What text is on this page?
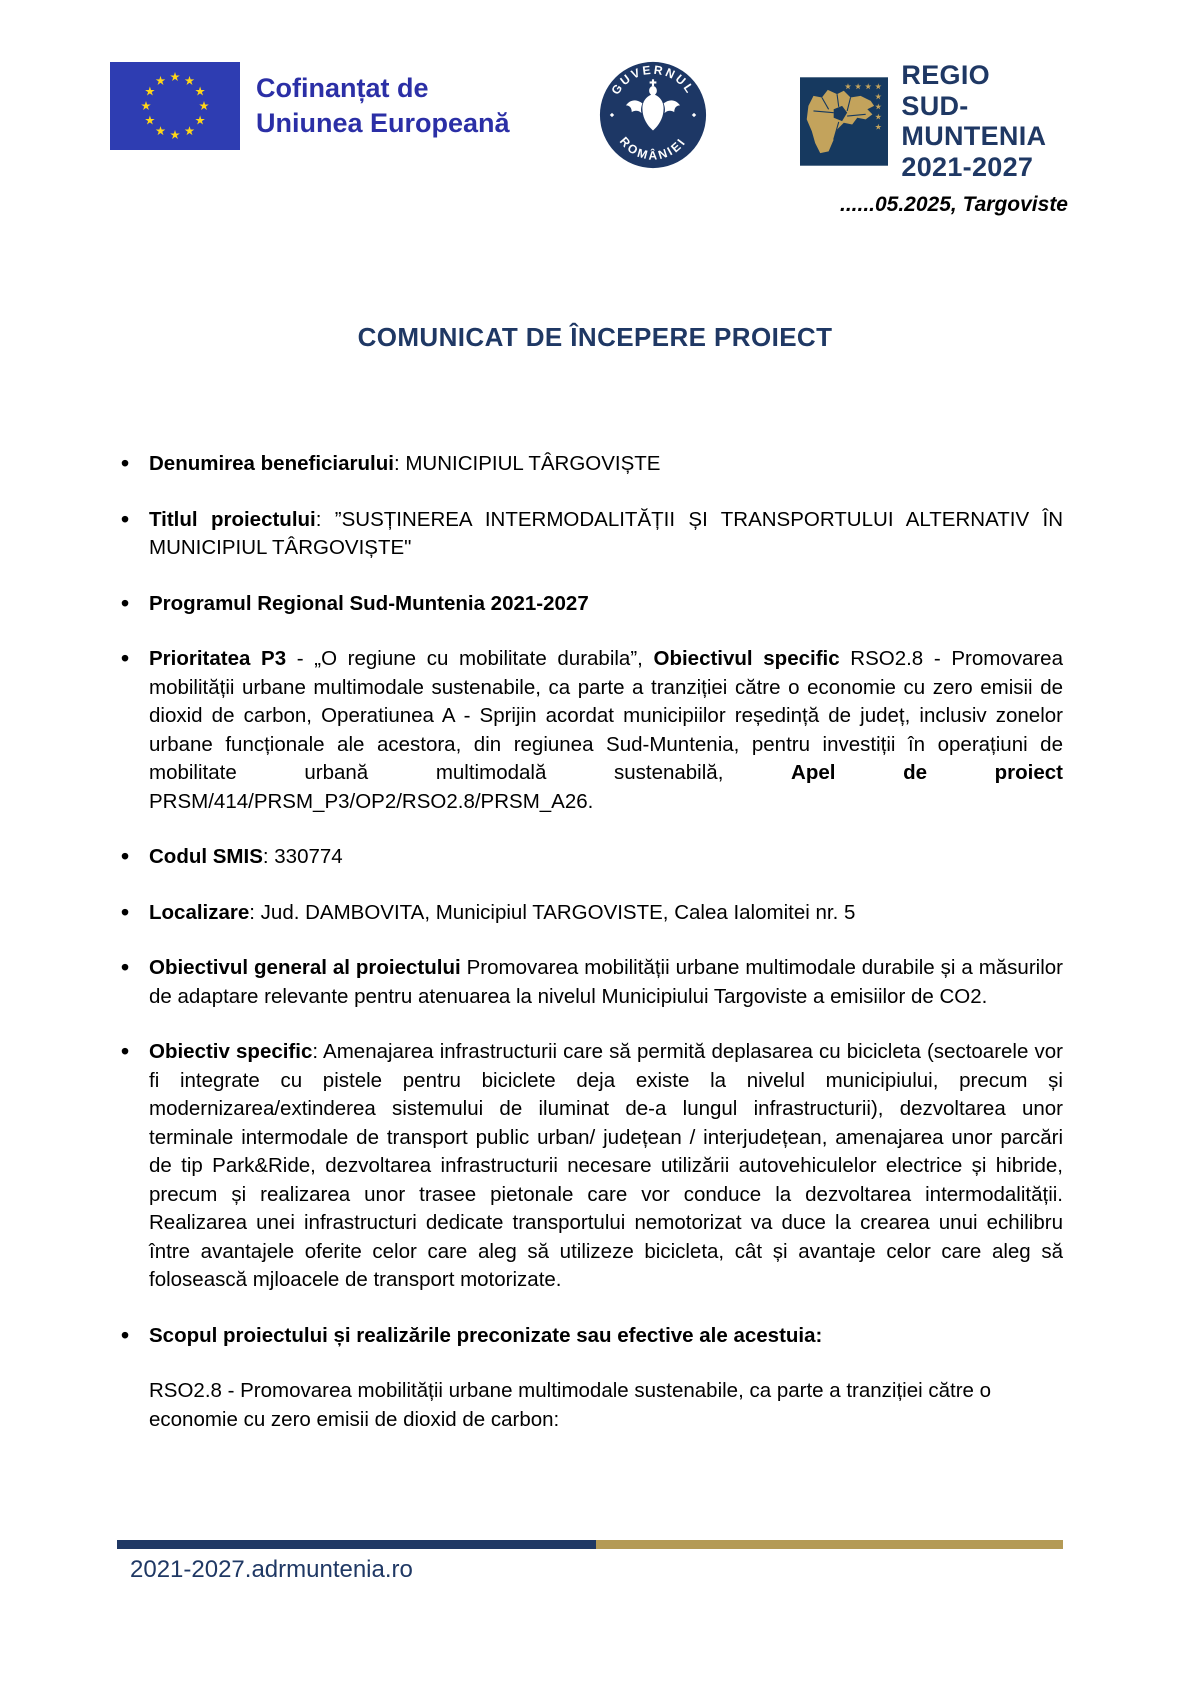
Cofinanțat de
Uniunea Europeană
GUVERNUL
ROMÂNIEI
REGIO
SUD-MUNTENIA
2021-2027
......05.2025, Targoviste
COMUNICAT DE ÎNCEPERE PROIECT
• Denumirea beneficiarului: MUNICIPIUL TÂRGOVIȘTE
• Titlul proiectului: ”SUSȚINEREA INTERMODALITĂȚII ȘI TRANSPORTULUI ALTERNATIV ÎN MUNICIPIUL TÂRGOVIȘTE"
• Programul Regional Sud-Muntenia 2021-2027
• Prioritatea P3 - „O regiune cu mobilitate durabila”, Obiectivul specific RSO2.8 - Promovarea mobilității urbane multimodale sustenabile, ca parte a tranziției către o economie cu zero emisii de dioxid de carbon, Operatiunea A - Sprijin acordat municipiilor reședință de județ, inclusiv zonelor urbane funcționale ale acestora, din regiunea Sud-Muntenia, pentru investiții în operațiuni de mobilitate urbană multimodală sustenabilă, Apel de proiect PRSM/414/PRSM_P3/OP2/RSO2.8/PRSM_A26.
• Codul SMIS: 330774
• Localizare: Jud. DAMBOVITA, Municipiul TARGOVISTE, Calea Ialomitei nr. 5
• Obiectivul general al proiectului Promovarea mobilității urbane multimodale durabile și a măsurilor de adaptare relevante pentru atenuarea la nivelul Municipiului Targoviste a emisiilor de CO2.
• Obiectiv specific: Amenajarea infrastructurii care să permită deplasarea cu bicicleta (sectoarele vor fi integrate cu pistele pentru biciclete deja existe la nivelul municipiului, precum și modernizarea/extinderea sistemului de iluminat de-a lungul infrastructurii), dezvoltarea unor terminale intermodale de transport public urban/ județean / interjudețean, amenajarea unor parcări de tip Park&Ride, dezvoltarea infrastructurii necesare utilizării autovehiculelor electrice și hibride, precum și realizarea unor trasee pietonale care vor conduce la dezvoltarea intermodalității. Realizarea unei infrastructuri dedicate transportului nemotorizat va duce la crearea unui echilibru între avantajele oferite celor care aleg să utilizeze bicicleta, cât și avantaje celor care aleg să folosească mjloacele de transport motorizate.
• Scopul proiectului și realizările preconizate sau efective ale acestuia:

RSO2.8 - Promovarea mobilității urbane multimodale sustenabile, ca parte a tranziției către o economie cu zero emisii de dioxid de carbon:

2021-2027.adrmuntenia.ro
